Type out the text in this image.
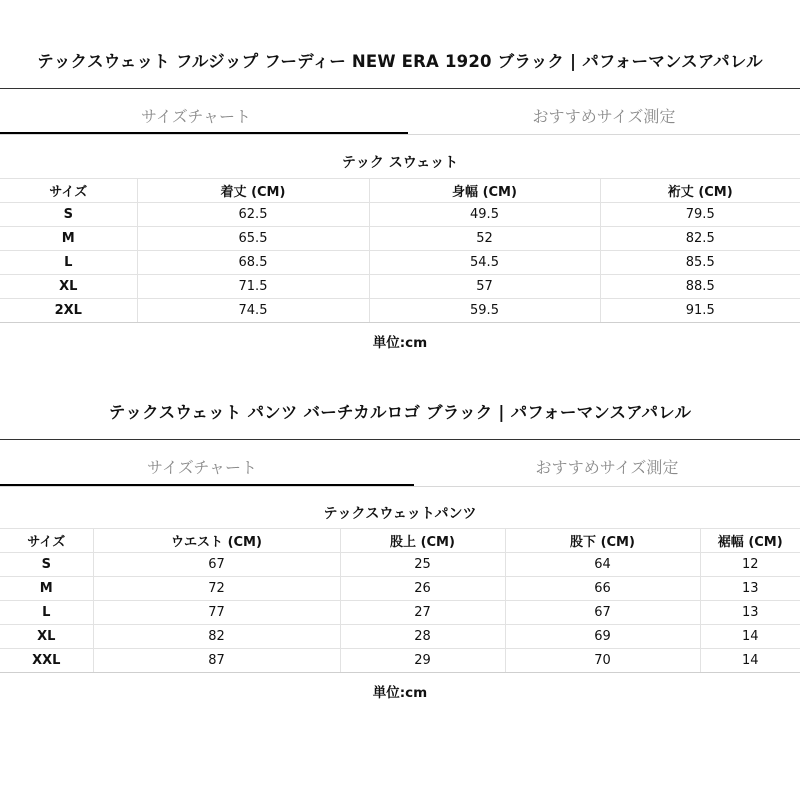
テックスウェット フルジップ フーディー NEW ERA 1920 ブラック | パフォーマンスアパレル
サイズチャート	おすすめサイズ測定
テック スウェット
サイズ	着丈 (CM)	身幅 (CM)	裄丈 (CM)
S	62.5	49.5	79.5
M	65.5	52	82.5
L	68.5	54.5	85.5
XL	71.5	57	88.5
2XL	74.5	59.5	91.5
単位:cm
テックスウェット パンツ バーチカルロゴ ブラック | パフォーマンスアパレル
サイズチャート	おすすめサイズ測定
テックスウェットパンツ
サイズ	ウエスト (CM)	股上 (CM)	股下 (CM)	裾幅 (CM)
S	67	25	64	12
M	72	26	66	13
L	77	27	67	13
XL	82	28	69	14
XXL	87	29	70	14
単位:cm
